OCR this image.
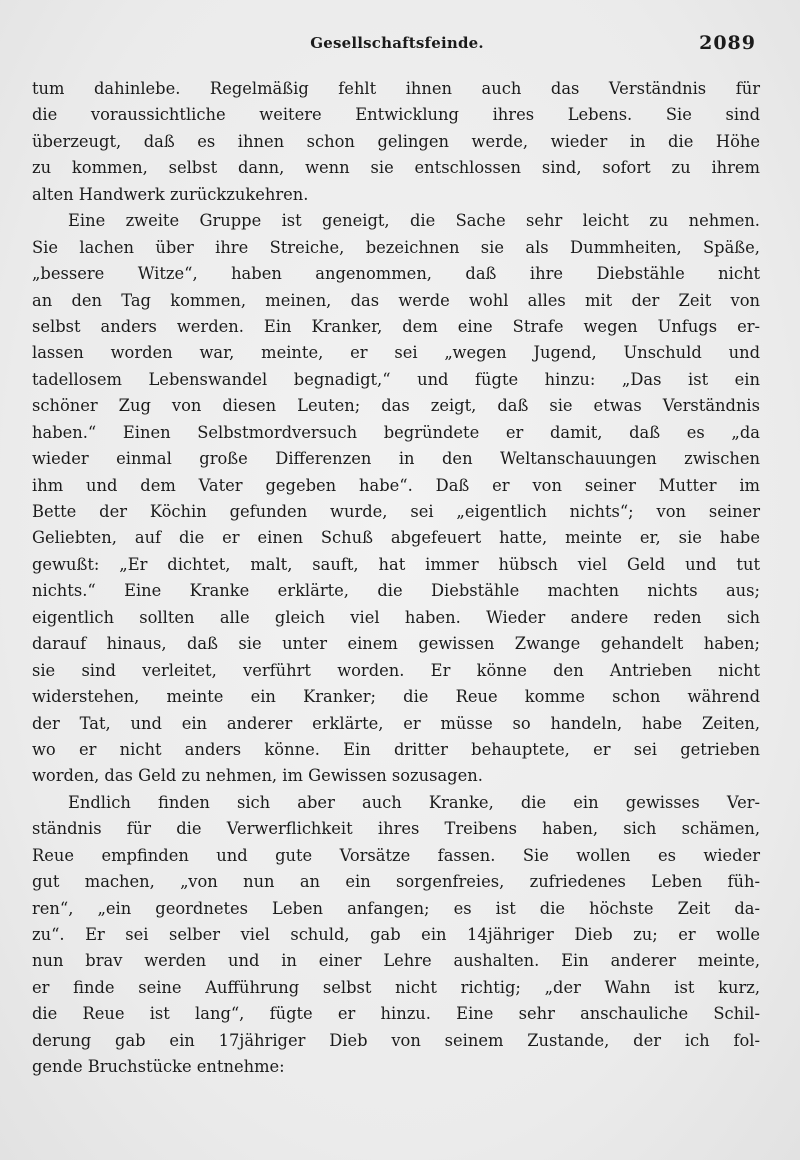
Gesellschaftsfeinde.	2089
tum dahinlebe. Regelmäßig fehlt ihnen auch das Verständnis für
die voraussichtliche weitere Entwicklung ihres Lebens. Sie sind
überzeugt, daß es ihnen schon gelingen werde, wieder in die Höhe
zu kommen, selbst dann, wenn sie entschlossen sind, sofort zu ihrem
alten Handwerk zurückzukehren.
Eine zweite Gruppe ist geneigt, die Sache sehr leicht zu nehmen.
Sie lachen über ihre Streiche, bezeichnen sie als Dummheiten, Späße,
„bessere Witze“, haben angenommen, daß ihre Diebstähle nicht
an den Tag kommen, meinen, das werde wohl alles mit der Zeit von
selbst anders werden. Ein Kranker, dem eine Strafe wegen Unfugs er-
lassen worden war, meinte, er sei „wegen Jugend, Unschuld und
tadellosem Lebenswandel begnadigt,“ und fügte hinzu: „Das ist ein
schöner Zug von diesen Leuten; das zeigt, daß sie etwas Verständnis
haben.“ Einen Selbstmordversuch begründete er damit, daß es „da
wieder einmal große Differenzen in den Weltanschauungen zwischen
ihm und dem Vater gegeben habe“. Daß er von seiner Mutter im
Bette der Köchin gefunden wurde, sei „eigentlich nichts“; von seiner
Geliebten, auf die er einen Schuß abgefeuert hatte, meinte er, sie habe
gewußt: „Er dichtet, malt, sauft, hat immer hübsch viel Geld und tut
nichts.“ Eine Kranke erklärte, die Diebstähle machten nichts aus;
eigentlich sollten alle gleich viel haben. Wieder andere reden sich
darauf hinaus, daß sie unter einem gewissen Zwange gehandelt haben;
sie sind verleitet, verführt worden. Er könne den Antrieben nicht
widerstehen, meinte ein Kranker; die Reue komme schon während
der Tat, und ein anderer erklärte, er müsse so handeln, habe Zeiten,
wo er nicht anders könne. Ein dritter behauptete, er sei getrieben
worden, das Geld zu nehmen, im Gewissen sozusagen.
Endlich finden sich aber auch Kranke, die ein gewisses Ver-
ständnis für die Verwerflichkeit ihres Treibens haben, sich schämen,
Reue empfinden und gute Vorsätze fassen. Sie wollen es wieder
gut machen, „von nun an ein sorgenfreies, zufriedenes Leben füh-
ren“, „ein geordnetes Leben anfangen; es ist die höchste Zeit da-
zu“. Er sei selber viel schuld, gab ein 14jähriger Dieb zu; er wolle
nun brav werden und in einer Lehre aushalten. Ein anderer meinte,
er finde seine Aufführung selbst nicht richtig; „der Wahn ist kurz,
die Reue ist lang“, fügte er hinzu. Eine sehr anschauliche Schil-
derung gab ein 17jähriger Dieb von seinem Zustande, der ich fol-
gende Bruchstücke entnehme:
